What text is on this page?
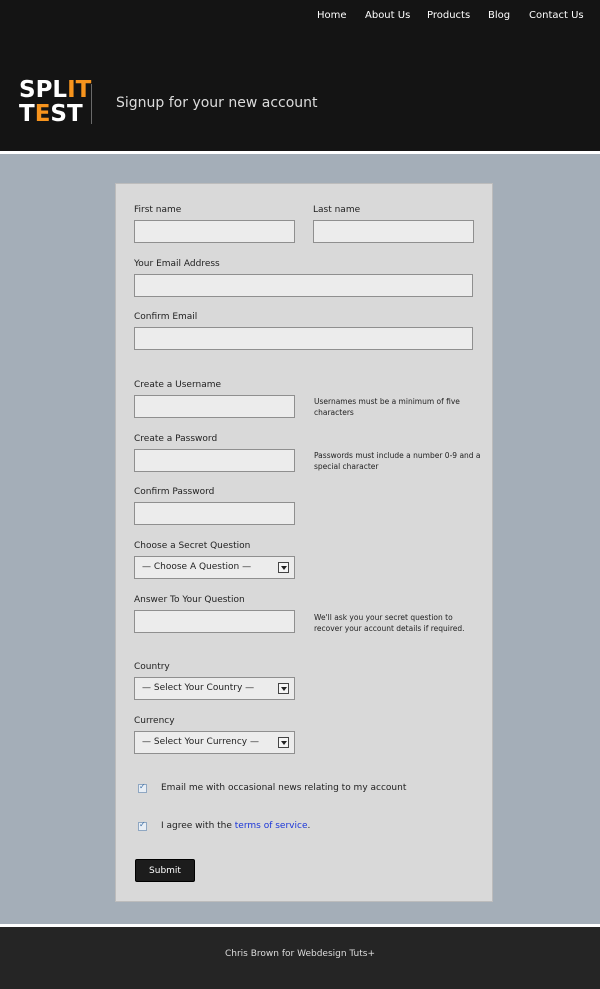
Home About Us Products Blog Contact Us
SPLIT
TEST	Signup for your new account
First name	Last name
Your Email Address
Confirm Email
Create a Username
Usernames must be a minimum of five characters
Create a Password
Passwords must include a number 0-9 and a special character
Confirm Password
Choose a Secret Question
— Choose A Question —
Answer To Your Question
We'll ask you your secret question to recover your account details if required.
Country
— Select Your Country —
Currency
— Select Your Currency —
✓
Email me with occasional news relating to my account
✓
I agree with the terms of service.
Submit
Chris Brown for Webdesign Tuts+
